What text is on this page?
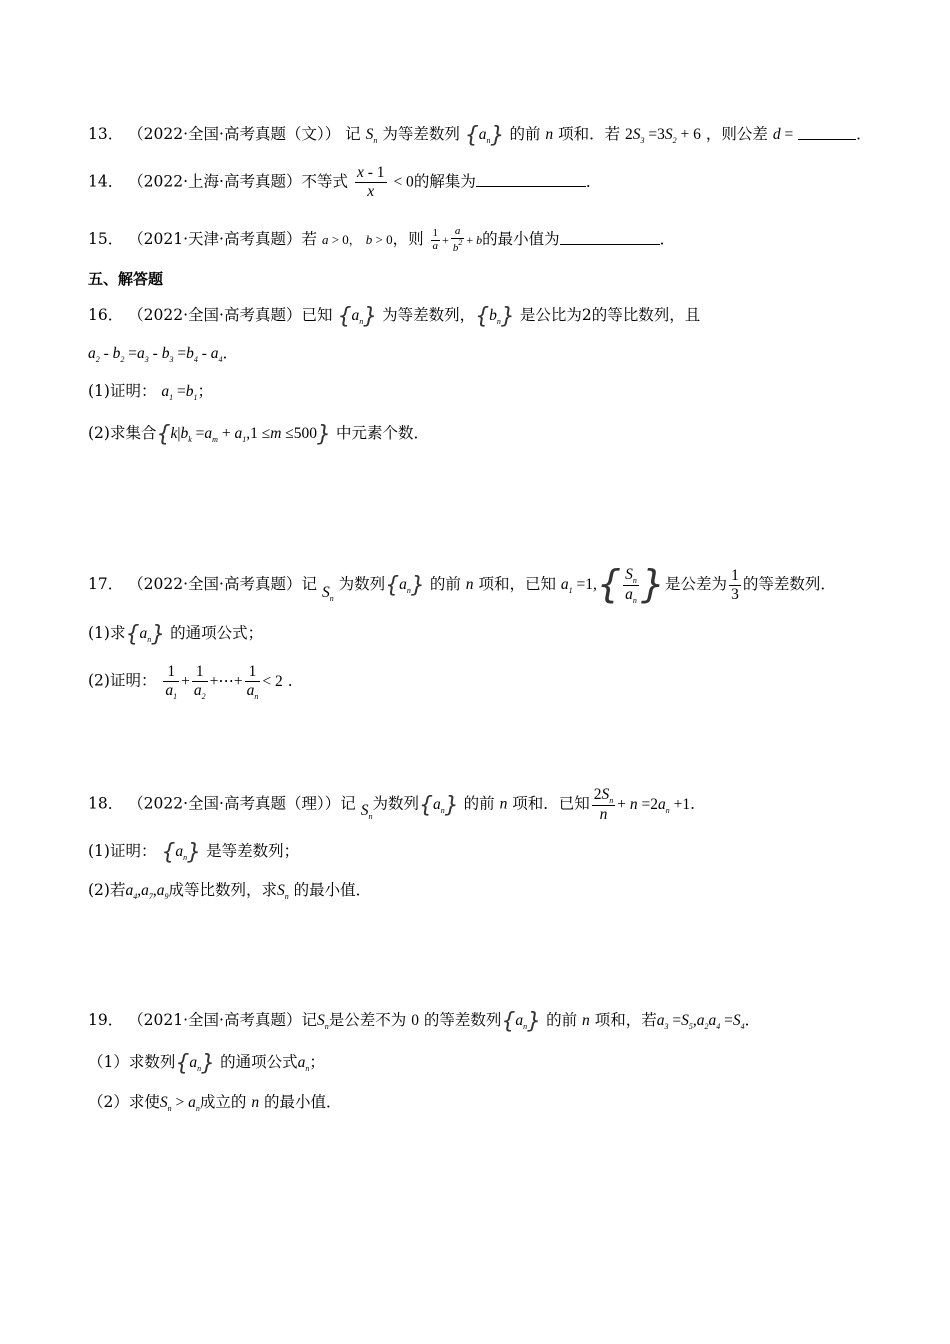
13． （2022·全国·高考真题（文）） 记 $S_n$ 为等差数列 $\{a_n\}$ 的前 n 项和．若 $2S_3 =3S_2 + 6$ ，则公差 d =	．
14． （2022·上海·高考真题）不等式 $\frac{x - 1}{x} < 0$的解集为	．
15． （2021·天津·高考真题）若 a > 0， b > 0，则 $\frac{1}{a} + \frac{a}{b^2} + b$的最小值为	．
五、解答题
16． （2022·全国·高考真题）已知 $\{a_n\}$ 为等差数列，$\{b_n\}$ 是公比为2的等比数列，且
$a_2 - b_2 =a_3 - b_3 =b_4 - a_4$．
(1)证明： $a_1 =b_1$；
(2)求集合$\{k|b_k =a_m + a_1,1 \le m \le 500\}$ 中元素个数．
17． （2022·全国·高考真题）记 $S_n$ 为数列$\{a_n\}$ 的前 n 项和，已知 $a_1 =1,\{ \frac{S_n}{a_n}$ }是公差为 $\frac{1}{3}$ 的等差数列．
(1)求$\{a_n\}$ 的通项公式；
(2)证明： $\frac{1}{a_1} + \frac{1}{a_2}$ +⋯+ $\frac{1}{a_n} < 2$ ．
18． （2022·全国·高考真题（理））记 $S_n$为数列$\{a_n\}$ 的前 n 项和．已知 $\frac{2S_n}{n} + n =2a_n +1$．
(1)证明： $\{a_n\}$ 是等差数列；
(2)若$a_4,a_7,a_9$成等比数列，求$S_n$ 的最小值．
19． （2021·全国·高考真题）记$S_n$是公差不为 0 的等差数列$\{a_n\}$ 的前 n 项和，若$a_3 =S_5,a_2a_4 =S_4$．
（1）求数列$\{a_n\}$ 的通项公式$a_n$；
（2）求使$S_n > a_n$成立的 n 的最小值．
